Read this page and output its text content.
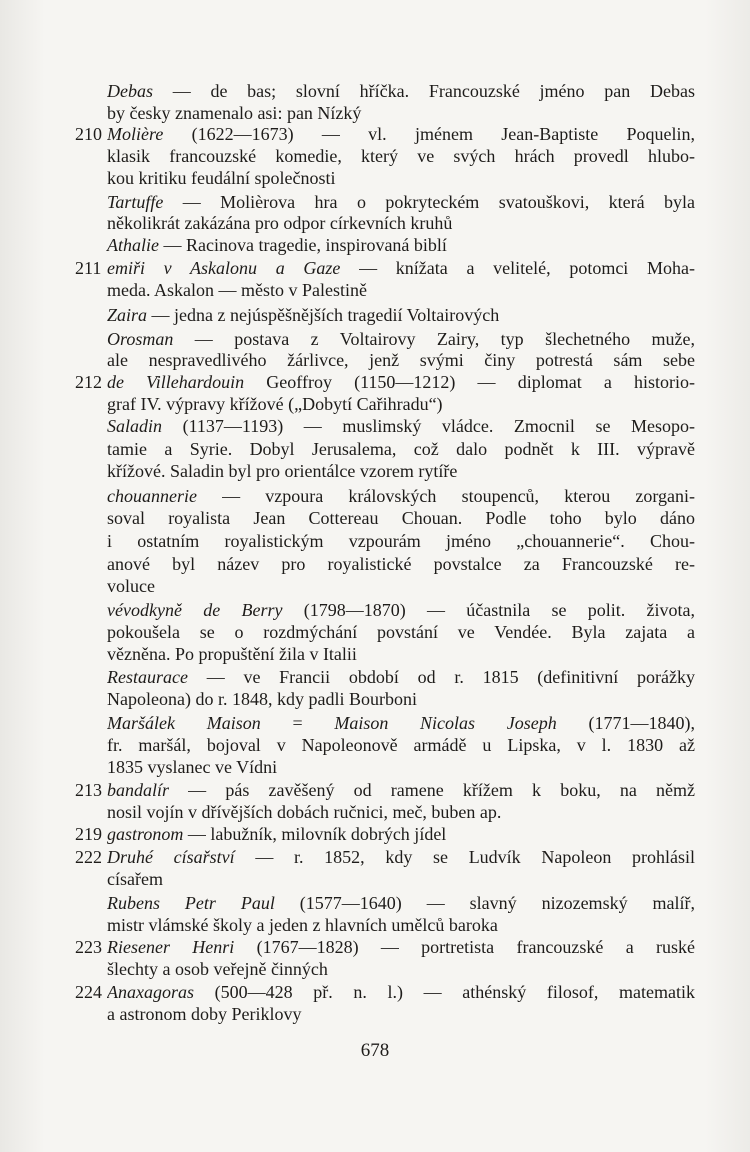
Debas — de bas; slovní hříčka. Francouzské jméno pan Debas
by česky znamenalo asi: pan Nízký
210 Molière (1622—1673) — vl. jménem Jean-Baptiste Poquelin,
klasik francouzské komedie, který ve svých hrách provedl hlubo-
kou kritiku feudální společnosti
Tartuffe — Molièrova hra o pokryteckém svatouškovi, která byla
několikrát zakázána pro odpor církevních kruhů
Athalie — Racinova tragedie, inspirovaná biblí
211 emiři v Askalonu a Gaze — knížata a velitelé, potomci Moha-
meda. Askalon — město v Palestině
Zaira — jedna z nejúspěšnějších tragedií Voltairových
Orosman — postava z Voltairovy Zairy, typ šlechetného muže,
ale nespravedlivého žárlivce, jenž svými činy potrestá sám sebe
212 de Villehardouin Geoffroy (1150—1212) — diplomat a historio-
graf IV. výpravy křížové („Dobytí Cařihradu“)
Saladin (1137—1193) — muslimský vládce. Zmocnil se Mesopo-
tamie a Syrie. Dobyl Jerusalema, což dalo podnět k III. výpravě
křížové. Saladin byl pro orientálce vzorem rytíře
chouannerie — vzpoura královských stoupenců, kterou zorgani-
soval royalista Jean Cottereau Chouan. Podle toho bylo dáno
i ostatním royalistickým vzpourám jméno „chouannerie“. Chou-
anové byl název pro royalistické povstalce za Francouzské re-
voluce
vévodkyně de Berry (1798—1870) — účastnila se polit. života,
pokoušela se o rozdmýchání povstání ve Vendée. Byla zajata a
vězněna. Po propuštění žila v Italii
Restaurace — ve Francii období od r. 1815 (definitivní porážky
Napoleona) do r. 1848, kdy padli Bourboni
Maršálek Maison = Maison Nicolas Joseph (1771—1840),
fr. maršál, bojoval v Napoleonově armádě u Lipska, v l. 1830 až
1835 vyslanec ve Vídni
213 bandalír — pás zavěšený od ramene křížem k boku, na němž
nosil vojín v dřívějších dobách ručnici, meč, buben ap.
219 gastronom — labužník, milovník dobrých jídel
222 Druhé císařství — r. 1852, kdy se Ludvík Napoleon prohlásil
císařem
Rubens Petr Paul (1577—1640) — slavný nizozemský malíř,
mistr vlámské školy a jeden z hlavních umělců baroka
223 Riesener Henri (1767—1828) — portretista francouzské a ruské
šlechty a osob veřejně činných
224 Anaxagoras (500—428 př. n. l.) — athénský filosof, matematik
a astronom doby Periklovy
678
